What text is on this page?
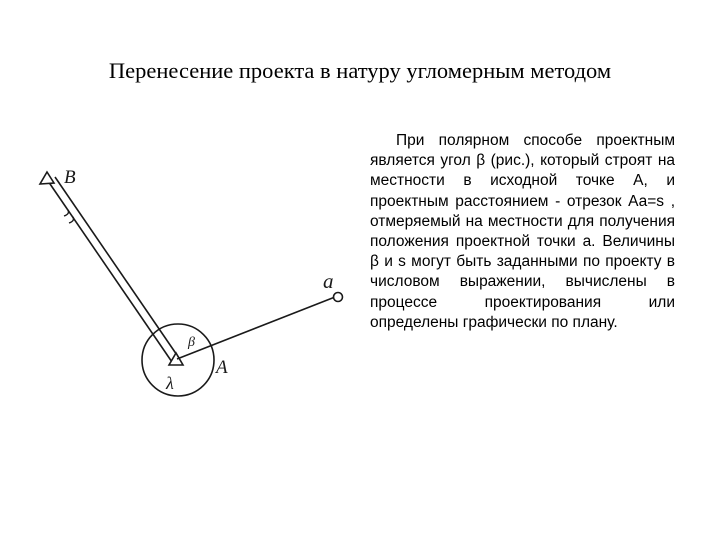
Перенесение проекта в натуру угломерным методом
B
a
A
β
λ
При полярном способе проектным является угол β (рис.), который строят на местности в исходной точке А, и проектным расстоянием - отрезок Аа=s , отмеряемый на местности для получения положения проектной точки а. Величины β и s могут быть заданными по проекту в числовом выражении, вычислены в процессе проектирования или определены графически по плану.
